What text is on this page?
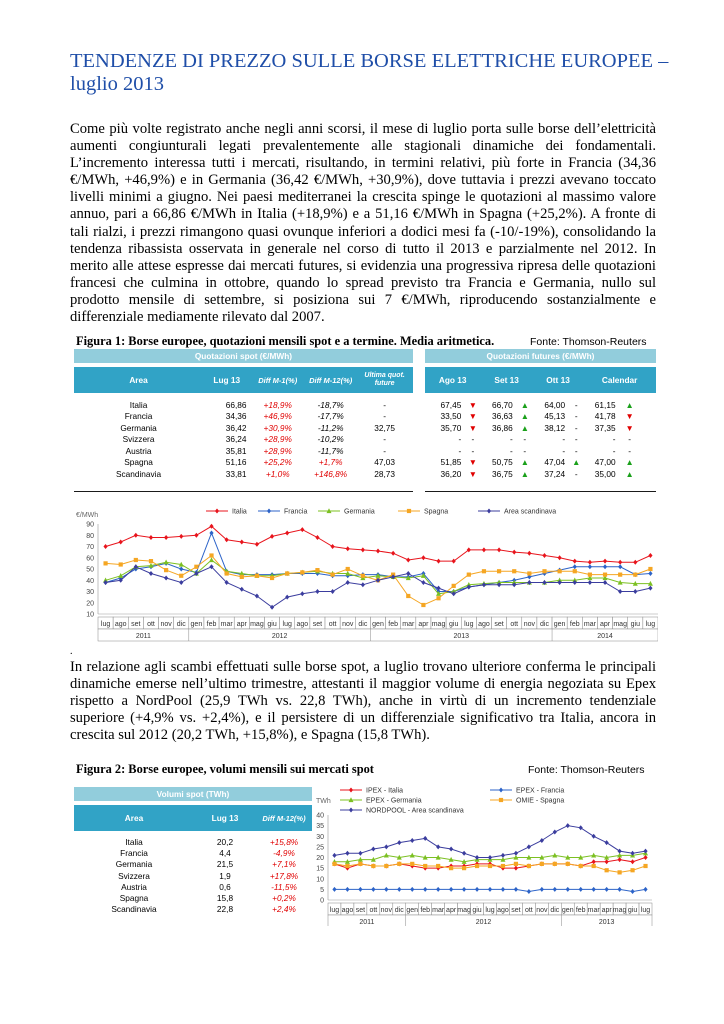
TENDENZE DI PREZZO SULLE BORSE ELETTRICHE EUROPEE –
luglio 2013
Come più volte registrato anche negli anni scorsi, il mese di luglio porta sulle borse dell’elettricità aumenti congiunturali legati prevalentemente alle stagionali dinamiche dei fondamentali. L’incremento interessa tutti i mercati, risultando, in termini relativi, più forte in Francia (34,36 €/MWh, +46,9%) e in Germania (36,42 €/MWh, +30,9%), dove tuttavia i prezzi avevano toccato livelli minimi a giugno. Nei paesi mediterranei la crescita spinge le quotazioni al massimo valore annuo, pari a 66,86 €/MWh in Italia (+18,9%) e a 51,16 €/MWh in Spagna (+25,2%). A fronte di tali rialzi, i prezzi rimangono quasi ovunque inferiori a dodici mesi fa (-10/-19%), consolidando la tendenza ribassista osservata in generale nel corso di tutto il 2013 e parzialmente nel 2012. In merito alle attese espresse dai mercati futures, si evidenzia una progressiva ripresa delle quotazioni francesi che culmina in ottobre, quando lo spread previsto tra Francia e Germania, nullo sul prodotto mensile di settembre, si posiziona sui 7 €/MWh, riproducendo sostanzialmente e differenziale mediamente rilevato dal 2007.
Figura 1: Borse europee, quotazioni mensili spot e a termine. Media aritmetica.	Fonte: Thomson-Reuters
Quotazioni spot (€/MWh)						Quotazioni futures (€/MWh)								

Area	Lug 13	Diff M-1(%)	Diff M-12(%)	Ultima quot. future		Ago 13		Set 13		Ott 13		Calendar		

Italia	66,86	+18,9%	-18,7%	-		67,45	▼	66,70	▲	64,00	-	61,15	▲	
Francia	34,36	+46,9%	-17,7%	-		33,50	▼	36,63	▲	45,13	-	41,78	▼	
Germania	36,42	+30,9%	-11,2%	32,75		35,70	▼	36,86	▲	38,12	-	37,35	▼	
Svizzera	36,24	+28,9%	-10,2%	-		-	-	-	-	-	-	-	-	
Austria	35,81	+28,9%	-11,7%	-		-	-	-	-	-	-	-	-	
Spagna	51,16	+25,2%	+1,7%	47,03		51,85	▼	50,75	▲	47,04	▲	47,00	▲	
Scandinavia	33,81	+1,0%	+146,8%	28,73		36,20	▼	36,75	▲	37,24	-	35,00	▲	

Italia	Francia	Germania	Spagna	Area scandinava
€/MWh
10
20
30
40
50
60
70
80
90
lug ago set ott nov dic gen feb mar apr mag giu lug ago set ott nov dic gen feb mar apr mag giu lug ago set ott nov dic gen feb mar apr mag giu lug
2011	2012	2013	2014
.
In relazione agli scambi effettuati sulle borse spot, a luglio trovano ulteriore conferma le principali dinamiche emerse nell’ultimo trimestre, attestanti il maggior volume di energia negoziata su Epex rispetto a NordPool (25,9 TWh vs. 22,8 TWh), anche in virtù di un incremento tendenziale superiore (+4,9% vs. +2,4%), e il persistere di un differenziale significativo tra Italia, ancora in crescita sul 2012 (20,2 TWh, +15,8%), e Spagna (15,8 TWh).
Figura 2: Borse europee, volumi mensili sui mercati spot	Fonte: Thomson-Reuters
Volumi spot (TWh)		

Area	Lug 13	Diff M-12(%)

Italia	20,2	+15,8%
Francia	4,4	-4,9%
Germania	21,5	+7,1%
Svizzera	1,9	+17,8%
Austria	0,6	-11,5%
Spagna	15,8	+0,2%
Scandinavia	22,8	+2,4%
IPEX - Italia	EPEX - Francia
EPEX - Germania	OMIE - Spagna
NORDPOOL - Area scandinava
TWh
0
5
10
15
20
25
30
35
40
lug ago set ott nov dic gen feb mar apr mag giu lug ago set ott nov dic gen feb mar apr mag giu lug
2011	2012	2013
